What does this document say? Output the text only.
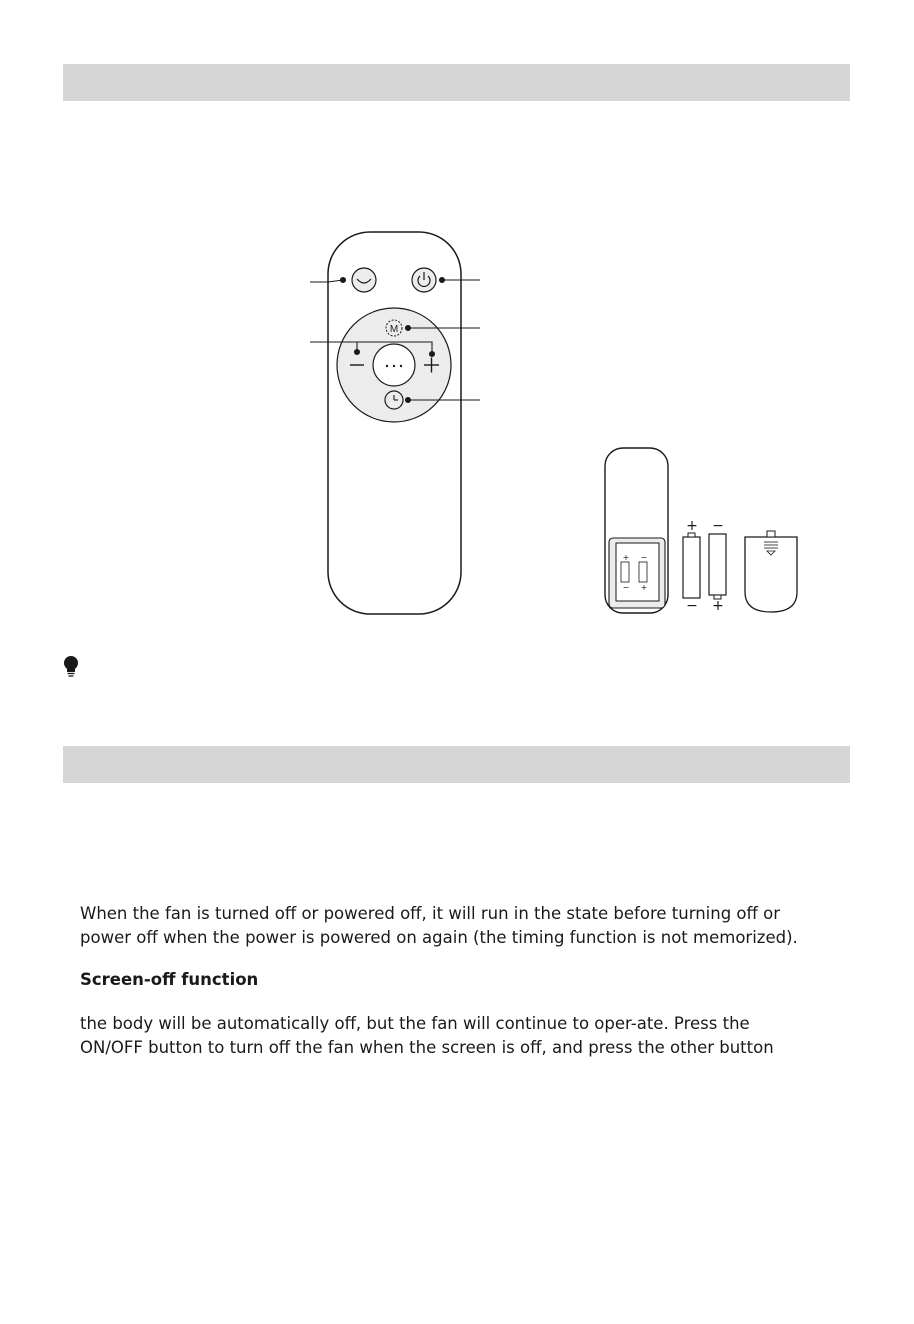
M
+
−
−
+
+ −
− +

When the fan is turned off or powered off, it will run in the state before turning off or

power off when the power is powered on again (the timing function is not memorized).

Screen-off function

the body will be automatically off, but the fan will continue to oper-ate. Press the

ON/OFF button to turn off the fan when the screen is off, and press the other button
